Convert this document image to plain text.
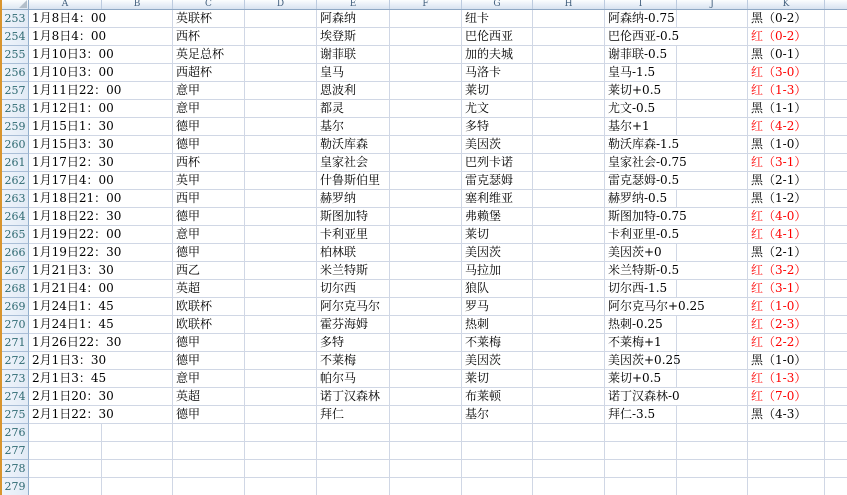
A	B	C	D	E	F	G	H	I	J	K
253 1月8日4：00	英联杯	阿森纳	纽卡	阿森纳-0.75	黑（0-2）
254 1月8日4：00	西杯	埃登斯	巴伦西亚	巴伦西亚-0.5	红（0-2）
255 1月10日3：00	英足总杯	谢菲联	加的夫城	谢菲联-0.5	黑（0-1）
256 1月10日3：00	西超杯	皇马	马洛卡	皇马-1.5	红（3-0）
257 1月11日22：00	意甲	恩波利	莱切	莱切+0.5	红（1-3）
258 1月12日1：00	意甲	都灵	尤文	尤文-0.5	黑（1-1）
259 1月15日1：30	德甲	基尔	多特	基尔+1	红（4-2）
260 1月15日3：30	德甲	勒沃库森	美因茨	勒沃库森-1.5	黑（1-0）
261 1月17日2：30	西杯	皇家社会	巴列卡诺	皇家社会-0.75	红（3-1）
262 1月17日4：00	英甲	什鲁斯伯里	雷克瑟姆	雷克瑟姆-0.5	黑（2-1）
263 1月18日21：00	西甲	赫罗纳	塞利维亚	赫罗纳-0.5	黑（1-2）
264 1月18日22：30	德甲	斯图加特	弗赖堡	斯图加特-0.75	红（4-0）
265 1月19日22：00	意甲	卡利亚里	莱切	卡利亚里-0.5	红（4-1）
266 1月19日22：30	德甲	柏林联	美因茨	美因茨+0	黑（2-1）
267 1月21日3：30	西乙	米兰特斯	马拉加	米兰特斯-0.5	红（3-2）
268 1月21日4：00	英超	切尔西	狼队	切尔西-1.5	红（3-1）
269 1月24日1：45	欧联杯	阿尔克马尔	罗马	阿尔克马尔+0.25	红（1-0）
270 1月24日1：45	欧联杯	霍芬海姆	热刺	热刺-0.25	红（2-3）
271 1月26日22：30	德甲	多特	不莱梅	不莱梅+1	红（2-2）
272 2月1日3：30	德甲	不莱梅	美因茨	美因茨+0.25	黑（1-0）
273 2月1日3：45	意甲	帕尔马	莱切	莱切+0.5	红（1-3）
274 2月1日20：30	英超	诺丁汉森林	布莱顿	诺丁汉森林-0	红（7-0）
275 2月1日22：30	德甲	拜仁	基尔	拜仁-3.5	黑（4-3）
276
277
278
279
